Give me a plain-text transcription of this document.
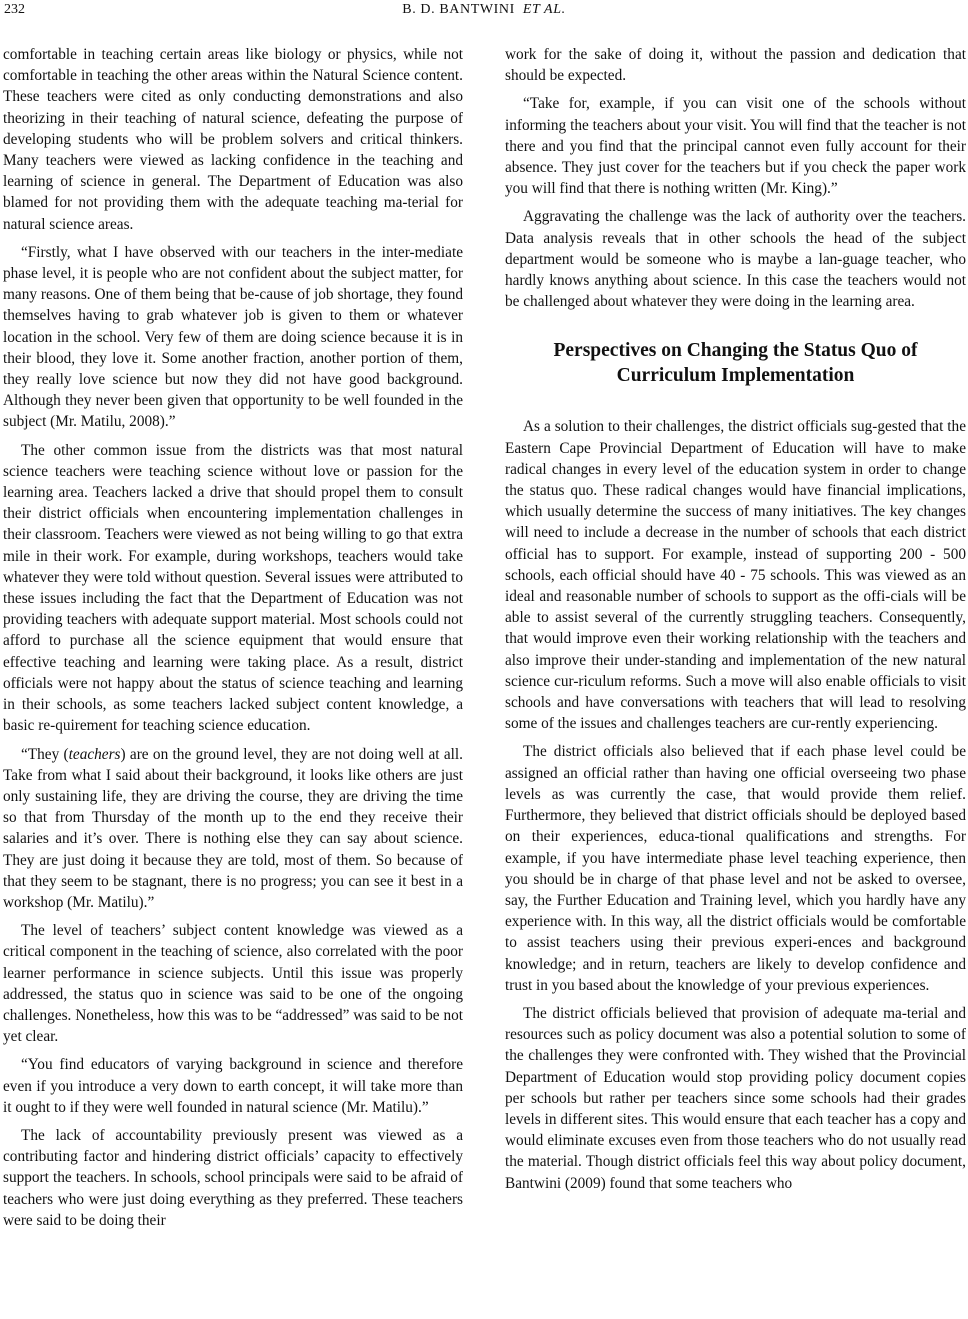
232	B. D. BANTWINI ET AL.

comfortable in teaching certain areas like biology or physics, while not comfortable in teaching the other areas within the Natural Science content. These teachers were cited as only conducting demonstrations and also theorizing in their teaching of natural science, defeating the purpose of developing students who will be problem solvers and critical thinkers. Many teachers were viewed as lacking confidence in the teaching and learning of science in general. The Department of Education was also blamed for not providing them with the adequate teaching ma-terial for natural science areas.

“Firstly, what I have observed with our teachers in the inter-mediate phase level, it is people who are not confident about the subject matter, for many reasons. One of them being that be-cause of job shortage, they found themselves having to grab whatever job is given to them or whatever location in the school. Very few of them are doing science because it is in their blood, they love it. Some another fraction, another portion of them, they really love science but now they did not have good background. Although they never been given that opportunity to be well founded in the subject (Mr. Matilu, 2008).”

The other common issue from the districts was that most natural science teachers were teaching science without love or passion for the learning area. Teachers lacked a drive that should propel them to consult their district officials when encountering implementation challenges in their classroom. Teachers were viewed as not being willing to go that extra mile in their work. For example, during workshops, teachers would take whatever they were told without question. Several issues were attributed to these issues including the fact that the Department of Education was not providing teachers with adequate support material. Most schools could not afford to purchase all the science equipment that would ensure that effective teaching and learning were taking place. As a result, district officials were not happy about the status of science teaching and learning in their schools, as some teachers lacked subject content knowledge, a basic re-quirement for teaching science education.

“They (teachers) are on the ground level, they are not doing well at all. Take from what I said about their background, it looks like others are just only sustaining life, they are driving the course, they are driving the time so that from Thursday of the month up to the end they receive their salaries and it’s over. There is nothing else they can say about science. They are just doing it because they are told, most of them. So because of that they seem to be stagnant, there is no progress; you can see it best in a workshop (Mr. Matilu).”

The level of teachers’ subject content knowledge was viewed as a critical component in the teaching of science, also correlated with the poor learner performance in science subjects. Until this issue was properly addressed, the status quo in science was said to be one of the ongoing challenges. Nonetheless, how this was to be “addressed” was said to be not yet clear.

“You find educators of varying background in science and therefore even if you introduce a very down to earth concept, it will take more than it ought to if they were well founded in natural science (Mr. Matilu).”

The lack of accountability previously present was viewed as a contributing factor and hindering district officials’ capacity to effectively support the teachers. In schools, school principals were said to be afraid of teachers who were just doing everything as they preferred. These teachers were said to be doing their

work for the sake of doing it, without the passion and dedication that should be expected.

“Take for, example, if you can visit one of the schools without informing the teachers about your visit. You will find that the teacher is not there and you find that the principal cannot even fully account for their absence. They just cover for the teachers but if you check the paper work you will find that there is nothing written (Mr. King).”

Aggravating the challenge was the lack of authority over the teachers. Data analysis reveals that in other schools the head of the subject department would be someone who is maybe a lan-guage teacher, who hardly knows anything about science. In this case the teachers would not be challenged about whatever they were doing in the learning area.

Perspectives on Changing the Status Quo of Curriculum Implementation

As a solution to their challenges, the district officials sug-gested that the Eastern Cape Provincial Department of Education will have to make radical changes in every level of the education system in order to change the status quo. These radical changes would have financial implications, which usually determine the success of many initiatives. The key changes will need to include a decrease in the number of schools that each district official has to support. For example, instead of supporting 200 - 500 schools, each official should have 40 - 75 schools. This was viewed as an ideal and reasonable number of schools to support as the offi-cials will be able to assist several of the currently struggling teachers. Consequently, that would improve even their working relationship with the teachers and also improve their under-standing and implementation of the new natural science cur-riculum reforms. Such a move will also enable officials to visit schools and have conversations with teachers that will lead to resolving some of the issues and challenges teachers are cur-rently experiencing.

The district officials also believed that if each phase level could be assigned an official rather than having one official overseeing two phase levels as was currently the case, that would provide them relief. Furthermore, they believed that district officials should be deployed based on their experiences, educa-tional qualifications and strengths. For example, if you have intermediate phase level teaching experience, then you should be in charge of that phase level and not be asked to oversee, say, the Further Education and Training level, which you hardly have any experience with. In this way, all the district officials would be comfortable to assist teachers using their previous experi-ences and background knowledge; and in return, teachers are likely to develop confidence and trust in you based about the knowledge of your previous experiences.

The district officials believed that provision of adequate ma-terial and resources such as policy document was also a potential solution to some of the challenges they were confronted with. They wished that the Provincial Department of Education would stop providing policy document copies per schools but rather per teachers since some schools had their grades levels in different sites. This would ensure that each teacher has a copy and would eliminate excuses even from those teachers who do not usually read the material. Though district officials feel this way about policy document, Bantwini (2009) found that some teachers who
